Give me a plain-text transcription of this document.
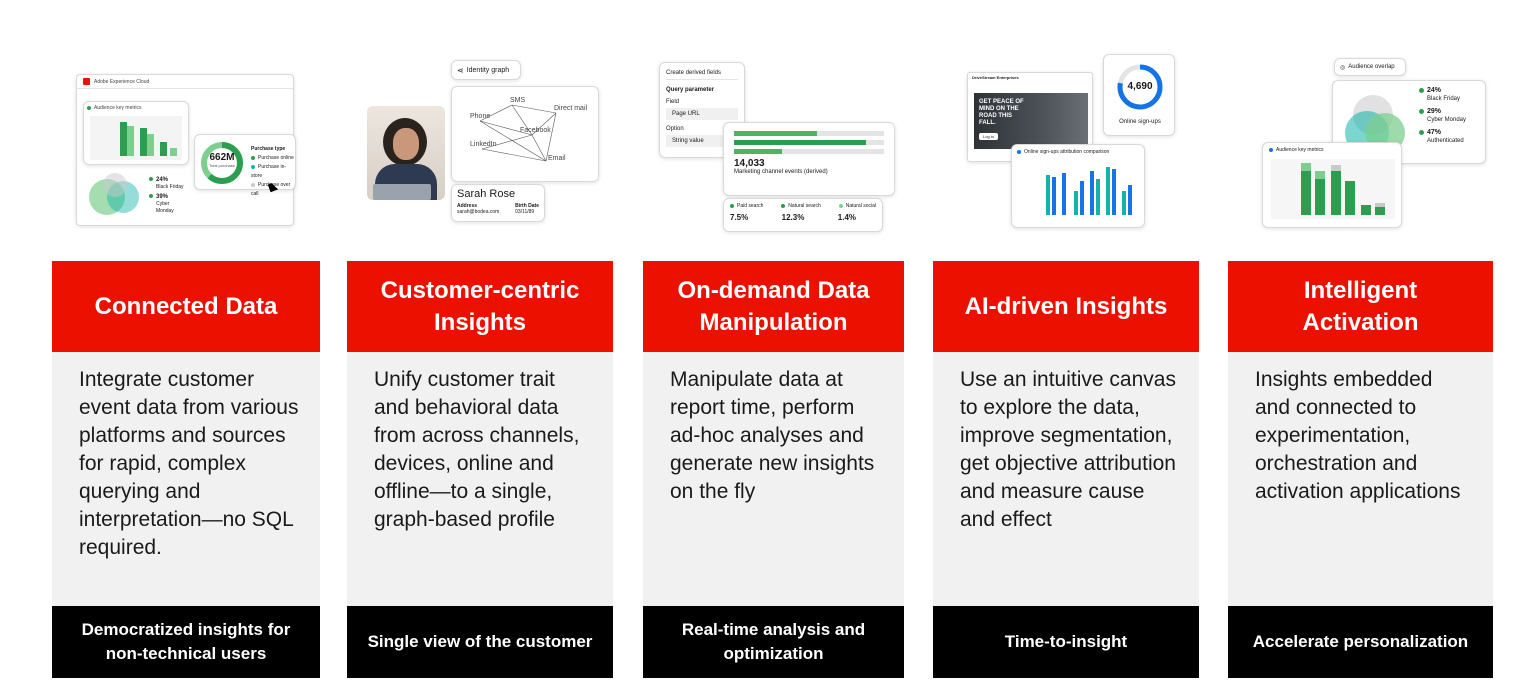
Adobe Experience Cloud
Audience key metrics
24%
Black Friday
39%
Cyber Monday
662M
Total purchase
Purchase type
Purchase online
Purchase in-store
Purchase over call
Connected Data
Integrate customer event data from various platforms and sources for rapid, complex querying and interpretation—no SQL required.
Democratized insights for non-technical users
⋖ Identity graph
SMS
Phone
Direct mail
Facebook
LinkedIn
Email
Sarah Rose
Address
sarah@bodea.com
Birth Date
03/11/89
Customer-centric Insights
Unify customer trait and behavioral data from across channels, devices, online and offline—to a single, graph-based profile
Single view of the customer
Create derived fields
Query parameter
Field
Page URL
Option
String value
14,033
Marketing channel events (derived)
Paid search	Natural search	Natural social
7.5%	12.3%	1.4%
On-demand Data Manipulation
Manipulate data at report time, perform ad-hoc analyses and generate new insights on the fly
Real-time analysis and optimization
DriveStream Enterprises
GET PEACE OF MIND ON THE ROAD THIS FALL.
Log in
4,690
Online sign-ups
Online sign-ups attribution comparison
AI-driven Insights
Use an intuitive canvas to explore the data, improve segmentation, get objective attribution and measure cause and effect
Time-to-insight
◎ Audience overlap
24%
Black Friday
29%
Cyber Monday
47%
Authenticated
Audience key metrics
Intelligent Activation
Insights embedded and connected to experimentation, orchestration and activation applications
Accelerate personalization
